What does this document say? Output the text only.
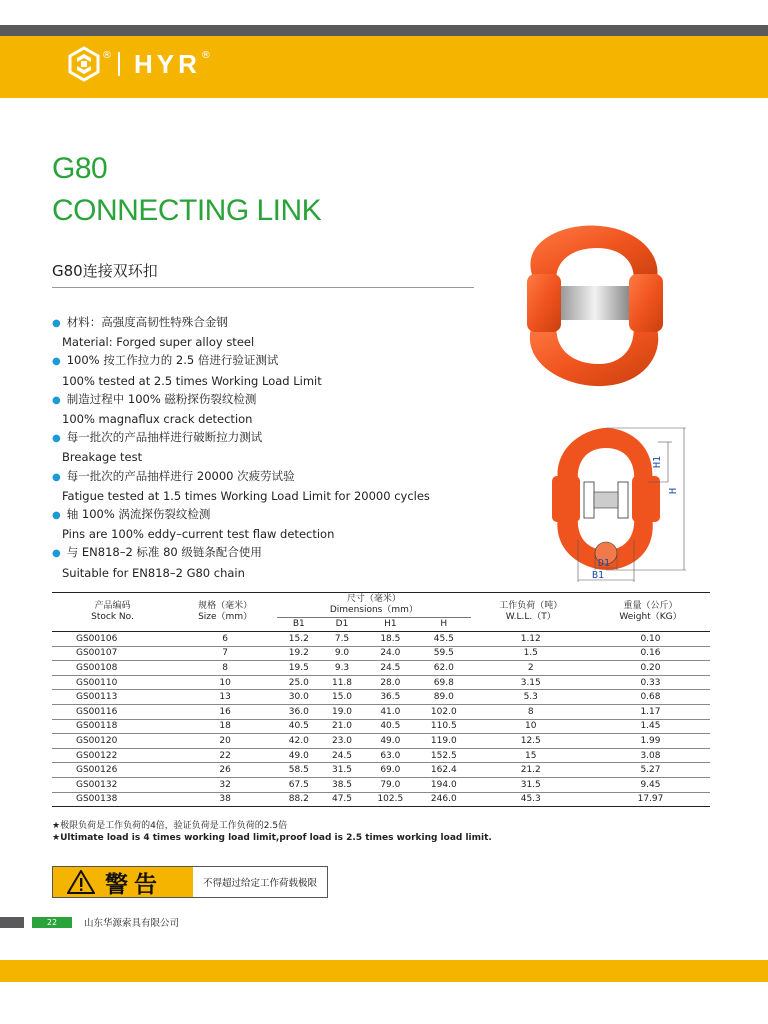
® HYR ®
G80
CONNECTING LINK
G80连接双环扣
● 材料：高强度高韧性特殊合金钢
Material: Forged super alloy steel
● 100% 按工作拉力的 2.5 倍进行验证测试
100% tested at 2.5 times Working Load Limit
● 制造过程中 100% 磁粉探伤裂纹检测
100% magnaflux crack detection
● 每一批次的产品抽样进行破断拉力测试
Breakage test
● 每一批次的产品抽样进行 20000 次疲劳试验
Fatigue tested at 1.5 times Working Load Limit for 20000 cycles
● 轴 100% 涡流探伤裂纹检测
Pins are 100% eddy–current test flaw detection
● 与 EN818–2 标准 80 级链条配合使用
Suitable for EN818–2 G80 chain
H1
H
D1
B1
产品编码
Stock No.	规格（毫米）
Size（mm）	尺寸（毫米）
Dimensions（mm）				工作负荷（吨）
W.L.L.（T）	重量（公斤）
Weight（KG）
		B1	D1	H1	H		
GS00106	6	15.2	7.5	18.5	45.5	1.12	0.10
GS00107	7	19.2	9.0	24.0	59.5	1.5	0.16
GS00108	8	19.5	9.3	24.5	62.0	2	0.20
GS00110	10	25.0	11.8	28.0	69.8	3.15	0.33
GS00113	13	30.0	15.0	36.5	89.0	5.3	0.68
GS00116	16	36.0	19.0	41.0	102.0	8	1.17
GS00118	18	40.5	21.0	40.5	110.5	10	1.45
GS00120	20	42.0	23.0	49.0	119.0	12.5	1.99
GS00122	22	49.0	24.5	63.0	152.5	15	3.08
GS00126	26	58.5	31.5	69.0	162.4	21.2	5.27
GS00132	32	67.5	38.5	79.0	194.0	31.5	9.45
GS00138	38	88.2	47.5	102.5	246.0	45.3	17.97
★极限负荷是工作负荷的4倍，验证负荷是工作负荷的2.5倍
★Ultimate load is 4 times working load limit,proof load is 2.5 times working load limit.
警告	不得超过给定工作荷载极限
22	山东华源索具有限公司
